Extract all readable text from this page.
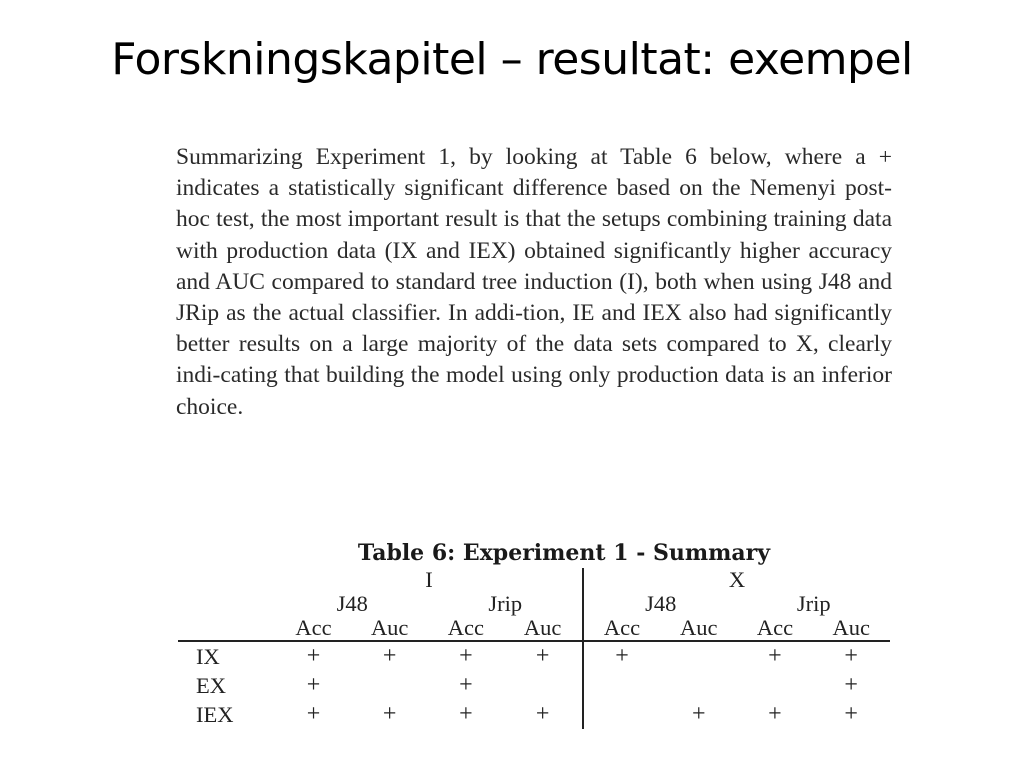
Forskningskapitel – resultat: exempel

Summarizing Experiment 1, by looking at Table 6 below, where a + indicates a statistically significant difference based on the Nemenyi post-hoc test, the most important result is that the setups combining training data with production data (IX and IEX) obtained significantly higher accuracy and AUC compared to standard tree induction (I), both when using J48 and JRip as the actual classifier. In addi-tion, IE and IEX also had significantly better results on a large majority of the data sets compared to X, clearly indi-cating that building the model using only production data is an inferior choice.

Table 6: Experiment 1 - Summary
	I				X			
	J48		Jrip		J48		Jrip	
	Acc	Auc	Acc	Auc	Acc	Auc	Acc	Auc
IX	+	+	+	+	+		+	+
EX	+		+					+
IEX	+	+	+	+		+	+	+
